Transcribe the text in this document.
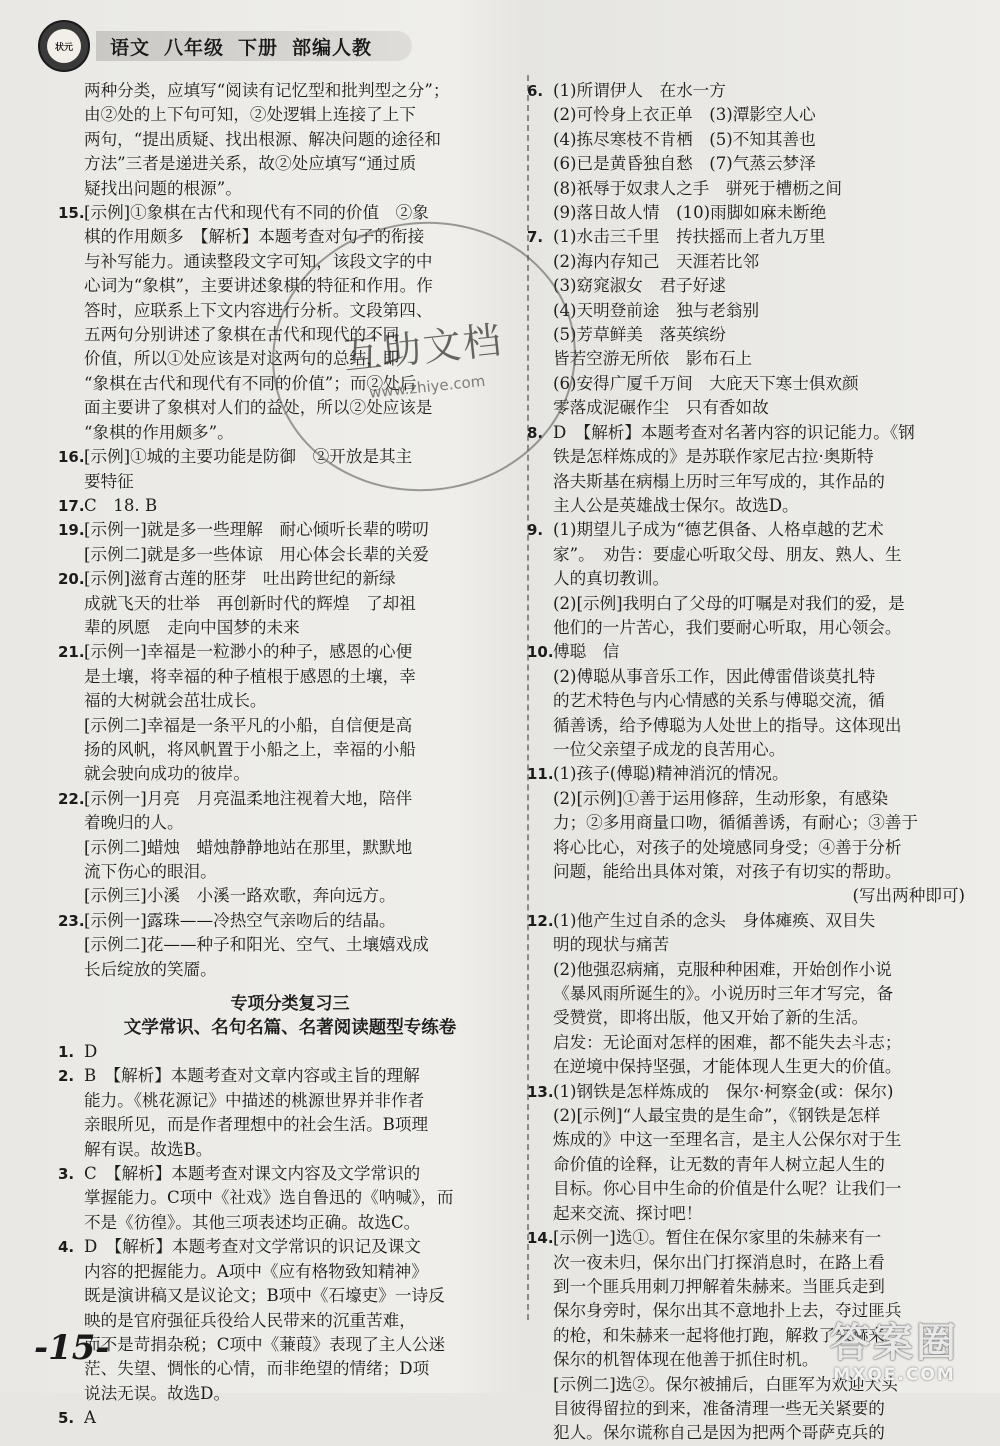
状元	语文 八年级 下册 部编人教
两种分类，应填写“阅读有记忆型和批判型之分”；
由②处的上下句可知，②处逻辑上连接了上下
两句，“提出质疑、找出根源、解决问题的途径和
方法”三者是递进关系，故②处应填写“通过质
疑找出问题的根源”。
15. [示例]①象棋在古代和现代有不同的价值　②象
棋的作用颇多　【解析】本题考查对句子的衔接
与补写能力。通读整段文字可知，该段文字的中
心词为“象棋”，主要讲述象棋的特征和作用。作
答时，应联系上下文内容进行分析。文段第四、
五两句分别讲述了象棋在古代和现代的不同
价值，所以①处应该是对这两句的总结，即
“象棋在古代和现代有不同的价值”；而②处后
面主要讲了象棋对人们的益处，所以②处应该是
“象棋的作用颇多”。
16. [示例]①城的主要功能是防御　②开放是其主
要特征
17. C　18. B
19. [示例一]就是多一些理解　耐心倾听长辈的唠叨
[示例二]就是多一些体谅　用心体会长辈的关爱
20. [示例]滋育古莲的胚芽　吐出跨世纪的新绿
成就飞天的壮举　再创新时代的辉煌　了却祖
辈的夙愿　走向中国梦的未来
21. [示例一]幸福是一粒渺小的种子，感恩的心便
是土壤，将幸福的种子植根于感恩的土壤，幸
福的大树就会茁壮成长。
[示例二]幸福是一条平凡的小船，自信便是高
扬的风帆，将风帆置于小船之上，幸福的小船
就会驶向成功的彼岸。
22. [示例一]月亮　月亮温柔地注视着大地，陪伴
着晚归的人。
[示例二]蜡烛　蜡烛静静地站在那里，默默地
流下伤心的眼泪。
[示例三]小溪　小溪一路欢歌，奔向远方。
23. [示例一]露珠——冷热空气亲吻后的结晶。
[示例二]花——种子和阳光、空气、土壤嬉戏成
长后绽放的笑靥。
专项分类复习三
文学常识、名句名篇、名著阅读题型专练卷
1. D
2. B　【解析】本题考查对文章内容或主旨的理解
能力。《桃花源记》中描述的桃源世界并非作者
亲眼所见，而是作者理想中的社会生活。B项理
解有误。故选B。
3. C　【解析】本题考查对课文内容及文学常识的
掌握能力。C项中《社戏》选自鲁迅的《呐喊》，而
不是《彷徨》。其他三项表述均正确。故选C。
4. D　【解析】本题考查对文学常识的识记及课文
内容的把握能力。A项中《应有格物致知精神》
既是演讲稿又是议论文；B项中《石壕吏》一诗反
映的是官府强征兵役给人民带来的沉重苦难，
而不是苛捐杂税；C项中《蒹葭》表现了主人公迷
茫、失望、惆怅的心情，而非绝望的情绪；D项
说法无误。故选D。
5. A
6. (1)所谓伊人　在水一方
(2)可怜身上衣正单　(3)潭影空人心
(4)拣尽寒枝不肯栖　(5)不知其善也
(6)已是黄昏独自愁　(7)气蒸云梦泽
(8)祇辱于奴隶人之手　骈死于槽枥之间
(9)落日故人情　(10)雨脚如麻未断绝
7. (1)水击三千里　抟扶摇而上者九万里
(2)海内存知己　天涯若比邻
(3)窈窕淑女　君子好逑
(4)天明登前途　独与老翁别
(5)芳草鲜美　落英缤纷
皆若空游无所依　影布石上
(6)安得广厦千万间　大庇天下寒士俱欢颜
零落成泥碾作尘　只有香如故
8. D　【解析】本题考查对名著内容的识记能力。《钢
铁是怎样炼成的》是苏联作家尼古拉·奥斯特
洛夫斯基在病榻上历时三年写成的，其作品的
主人公是英雄战士保尔。故选D。
9. (1)期望儿子成为“德艺俱备、人格卓越的艺术
家”。　劝告：要虚心听取父母、朋友、熟人、生
人的真切教训。
(2)[示例]我明白了父母的叮嘱是对我们的爱，是
他们的一片苦心，我们要耐心听取，用心领会。
10. 傅聪　信
(2)傅聪从事音乐工作，因此傅雷借谈莫扎特
的艺术特色与内心情感的关系与傅聪交流，循
循善诱，给予傅聪为人处世上的指导。这体现出
一位父亲望子成龙的良苦用心。
11. (1)孩子(傅聪)精神消沉的情况。
(2)[示例]①善于运用修辞，生动形象，有感染
力；②多用商量口吻，循循善诱，有耐心；③善于
将心比心，对孩子的处境感同身受；④善于分析
问题，能给出具体对策，对孩子有切实的帮助。
(写出两种即可)
12. (1)他产生过自杀的念头　身体瘫痪、双目失
明的现状与痛苦
(2)他强忍病痛，克服种种困难，开始创作小说
《暴风雨所诞生的》。小说历时三年才写完，备
受赞赏，即将出版，他又开始了新的生活。
启发：无论面对怎样的困难，都不能失去斗志；
在逆境中保持坚强，才能体现人生更大的价值。
13. (1)钢铁是怎样炼成的　保尔·柯察金(或：保尔)
(2)[示例]“人最宝贵的是生命”，《钢铁是怎样
炼成的》中这一至理名言，是主人公保尔对于生
命价值的诠释，让无数的青年人树立起人生的
目标。你心目中生命的价值是什么呢？让我们一
起来交流、探讨吧！
14. [示例一]选①。暂住在保尔家里的朱赫来有一
次一夜未归，保尔出门打探消息时，在路上看
到一个匪兵用刺刀押解着朱赫来。当匪兵走到
保尔身旁时，保尔出其不意地扑上去，夺过匪兵
的枪，和朱赫来一起将他打跑，解救了朱赫来。
保尔的机智体现在他善于抓住时机。
[示例二]选②。保尔被捕后，白匪军为欢迎大头
目彼得留拉的到来，准备清理一些无关紧要的
犯人。保尔谎称自己是因为把两个哥萨克兵的
互助文档
www.zhiye.com
-15-	答案圈
MXQE.COM
